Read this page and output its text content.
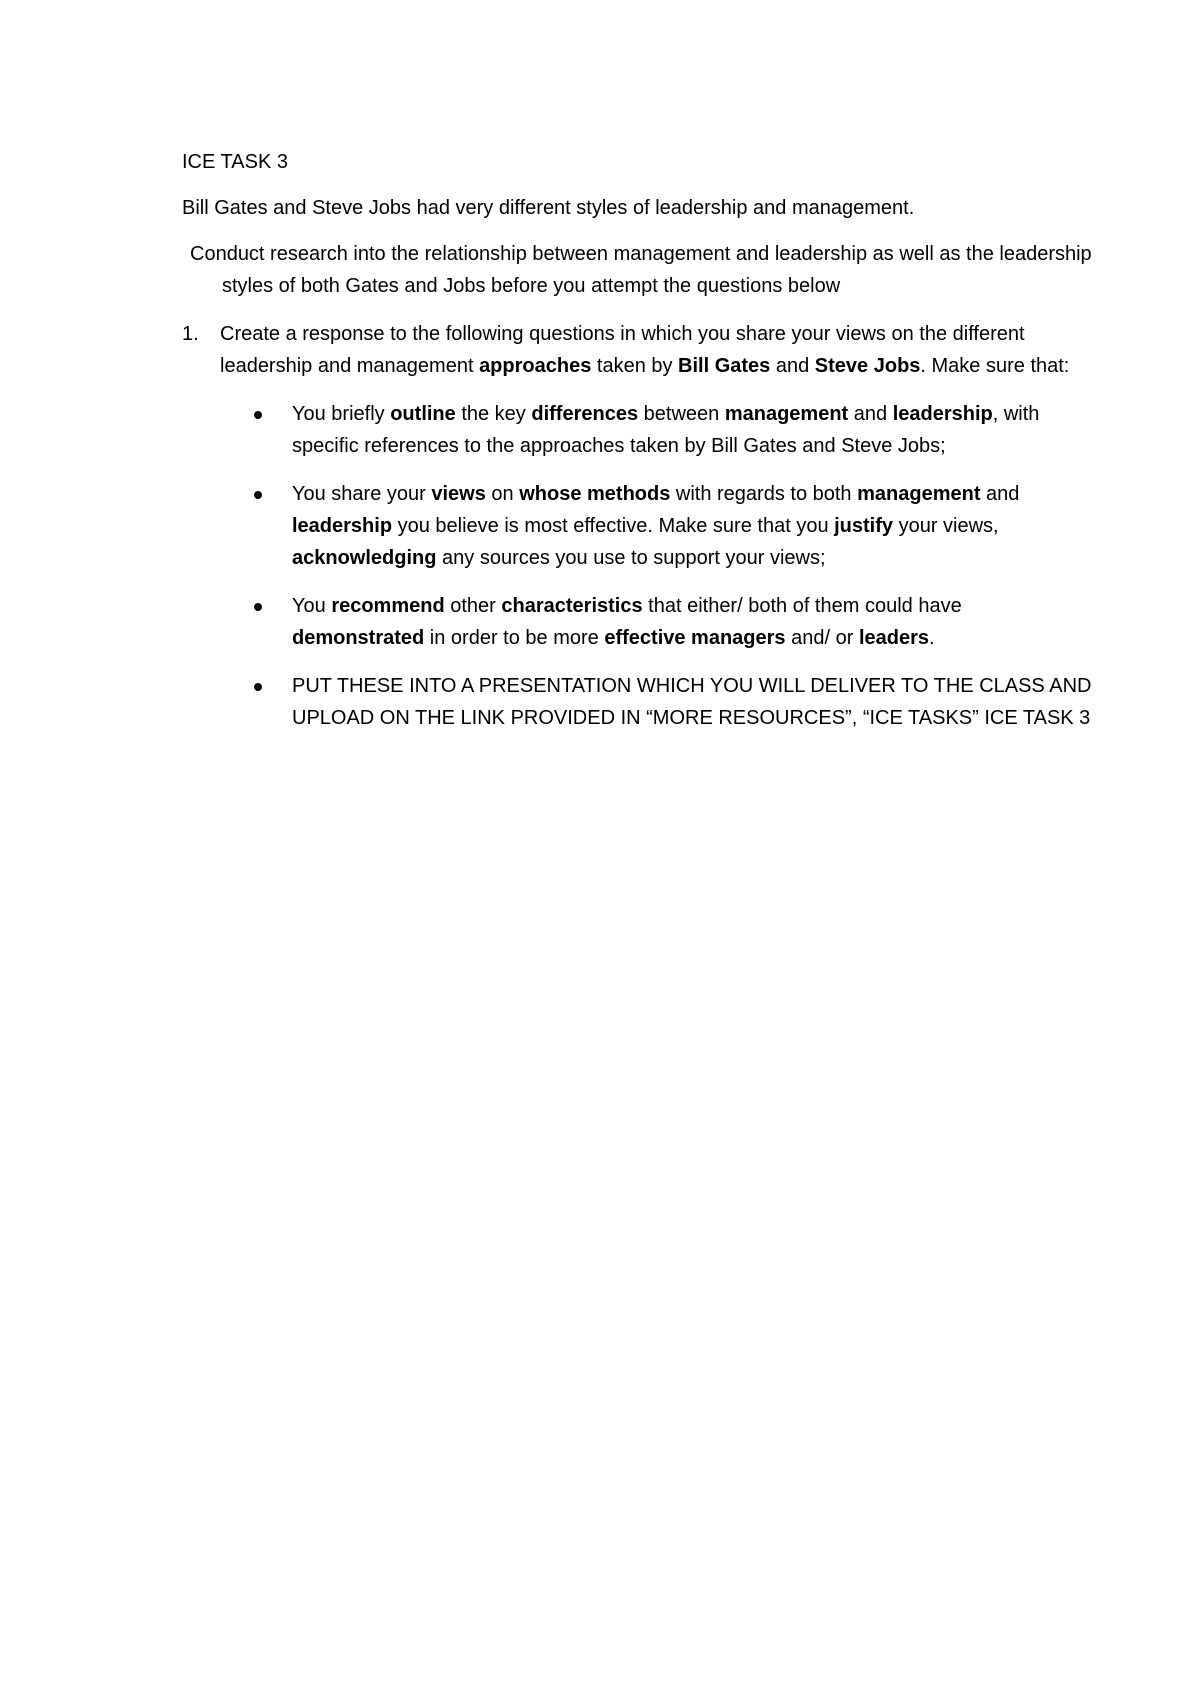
ICE TASK 3

Bill Gates and Steve Jobs had very different styles of leadership and management.

Conduct research into the relationship between management and leadership as well as the leadership styles of both Gates and Jobs before you attempt the questions below

1. Create a response to the following questions in which you share your views on the different leadership and management approaches taken by Bill Gates and Steve Jobs. Make sure that:
You briefly outline the key differences between management and leadership, with specific references to the approaches taken by Bill Gates and Steve Jobs;
You share your views on whose methods with regards to both management and leadership you believe is most effective. Make sure that you justify your views, acknowledging any sources you use to support your views;
You recommend other characteristics that either/ both of them could have demonstrated in order to be more effective managers and/ or leaders.
PUT THESE INTO A PRESENTATION WHICH YOU WILL DELIVER TO THE CLASS AND UPLOAD ON THE LINK PROVIDED IN “MORE RESOURCES”, “ICE TASKS” ICE TASK 3
